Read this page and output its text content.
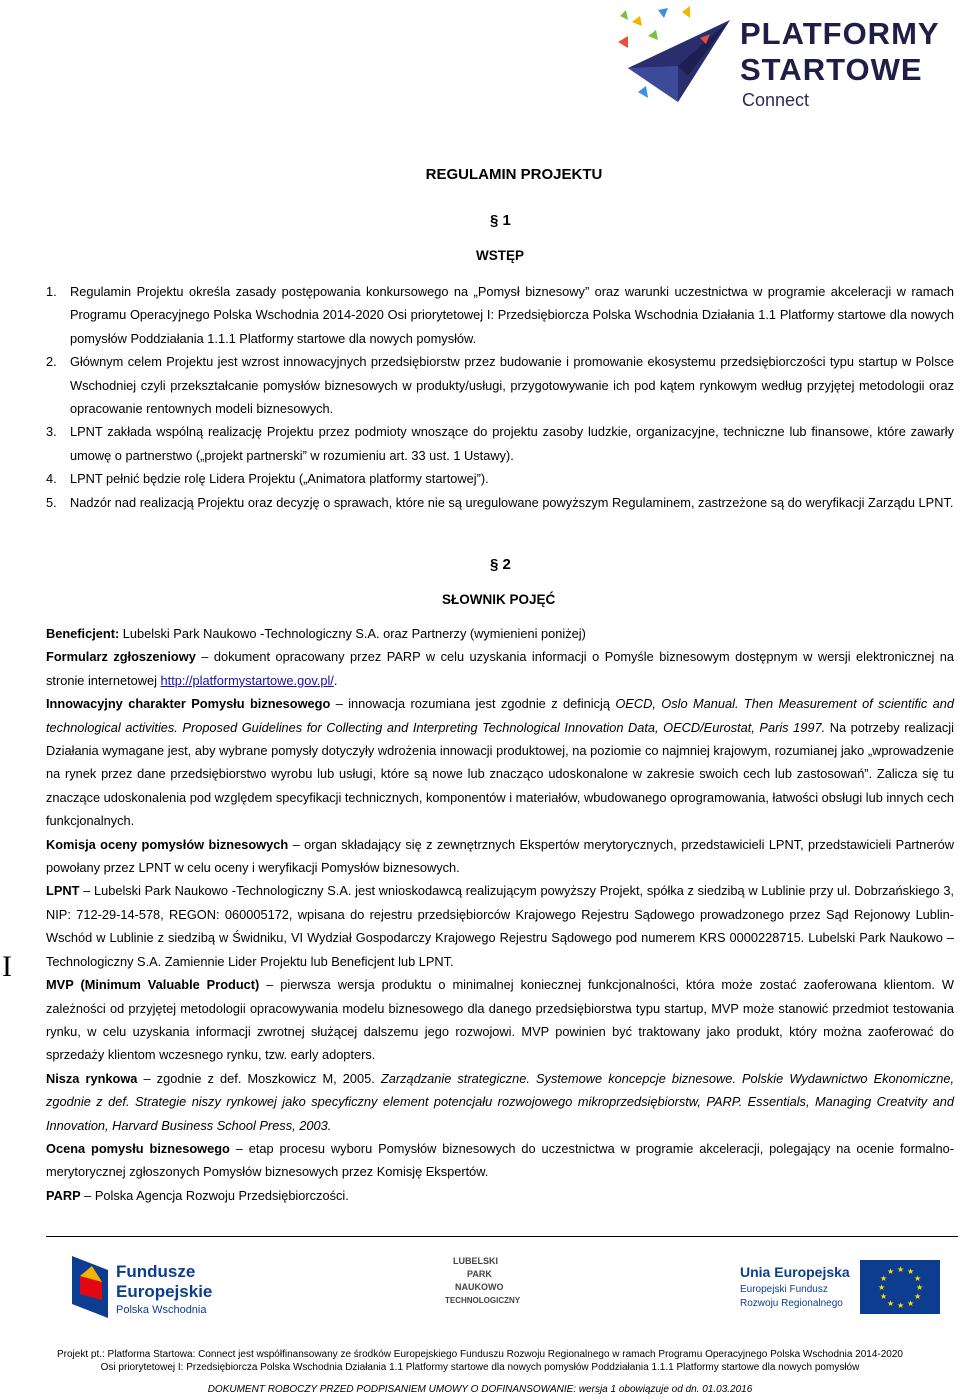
PLATFORMY
STARTOWE
Connect
REGULAMIN PROJEKTU
§ 1
WSTĘP
1. Regulamin Projektu określa zasady postępowania konkursowego na „Pomysł biznesowy” oraz warunki uczestnictwa w programie akceleracji w ramach Programu Operacyjnego Polska Wschodnia 2014-2020 Osi priorytetowej I: Przedsiębiorcza Polska Wschodnia Działania 1.1 Platformy startowe dla nowych pomysłów Poddziałania 1.1.1 Platformy startowe dla nowych pomysłów.
2. Głównym celem Projektu jest wzrost innowacyjnych przedsiębiorstw przez budowanie i promowanie ekosystemu przedsiębiorczości typu startup w Polsce Wschodniej czyli przekształcanie pomysłów biznesowych w produkty/usługi, przygotowywanie ich pod kątem rynkowym według przyjętej metodologii oraz opracowanie rentownych modeli biznesowych.
3. LPNT zakłada wspólną realizację Projektu przez podmioty wnoszące do projektu zasoby ludzkie, organizacyjne, techniczne lub finansowe, które zawarły umowę o partnerstwo („projekt partnerski” w rozumieniu art. 33 ust. 1 Ustawy).
4. LPNT pełnić będzie rolę Lidera Projektu („Animatora platformy startowej”).
5. Nadzór nad realizacją Projektu oraz decyzję o sprawach, które nie są uregulowane powyższym Regulaminem, zastrzeżone są do weryfikacji Zarządu LPNT.
§ 2
SŁOWNIK POJĘĆ

Beneficjent: Lubelski Park Naukowo -Technologiczny S.A. oraz Partnerzy (wymienieni poniżej)

Formularz zgłoszeniowy – dokument opracowany przez PARP w celu uzyskania informacji o Pomyśle biznesowym dostępnym w wersji elektronicznej na stronie internetowej http://platformystartowe.gov.pl/.

Innowacyjny charakter Pomysłu biznesowego – innowacja rozumiana jest zgodnie z definicją OECD, Oslo Manual. Then Measurement of scientific and technological activities. Proposed Guidelines for Collecting and Interpreting Technological Innovation Data, OECD/Eurostat, Paris 1997. Na potrzeby realizacji Działania wymagane jest, aby wybrane pomysły dotyczyły wdrożenia innowacji produktowej, na poziomie co najmniej krajowym, rozumianej jako „wprowadzenie na rynek przez dane przedsiębiorstwo wyrobu lub usługi, które są nowe lub znacząco udoskonalone w zakresie swoich cech lub zastosowań”. Zalicza się tu znaczące udoskonalenia pod względem specyfikacji technicznych, komponentów i materiałów, wbudowanego oprogramowania, łatwości obsługi lub innych cech funkcjonalnych.

Komisja oceny pomysłów biznesowych – organ składający się z zewnętrznych Ekspertów merytorycznych, przedstawicieli LPNT, przedstawicieli Partnerów powołany przez LPNT w celu oceny i weryfikacji Pomysłów biznesowych.

LPNT – Lubelski Park Naukowo -Technologiczny S.A. jest wnioskodawcą realizującym powyższy Projekt, spółka z siedzibą w Lublinie przy ul. Dobrzańskiego 3, NIP: 712-29-14-578, REGON: 060005172, wpisana do rejestru przedsiębiorców Krajowego Rejestru Sądowego prowadzonego przez Sąd Rejonowy Lublin-Wschód w Lublinie z siedzibą w Świdniku, VI Wydział Gospodarczy Krajowego Rejestru Sądowego pod numerem KRS 0000228715. Lubelski Park Naukowo – Technologiczny S.A. Zamiennie Lider Projektu lub Beneficjent lub LPNT.

MVP (Minimum Valuable Product) – pierwsza wersja produktu o minimalnej koniecznej funkcjonalności, która może zostać zaoferowana klientom. W zależności od przyjętej metodologii opracowywania modelu biznesowego dla danego przedsiębiorstwa typu startup, MVP może stanowić przedmiot testowania rynku, w celu uzyskania informacji zwrotnej służącej dalszemu jego rozwojowi. MVP powinien być traktowany jako produkt, który można zaoferować do sprzedaży klientom wczesnego rynku, tzw. early adopters.

Nisza rynkowa – zgodnie z def. Moszkowicz M, 2005. Zarządzanie strategiczne. Systemowe koncepcje biznesowe. Polskie Wydawnictwo Ekonomiczne, zgodnie z def. Strategie niszy rynkowej jako specyficzny element potencjału rozwojowego mikroprzedsiębiorstw, PARP. Essentials, Managing Creatvity and Innovation, Harvard Business School Press, 2003.

Ocena pomysłu biznesowego – etap procesu wyboru Pomysłów biznesowych do uczestnictwa w programie akceleracji, polegający na ocenie formalno-merytorycznej zgłoszonych Pomysłów biznesowych przez Komisję Ekspertów.

PARP – Polska Agencja Rozwoju Przedsiębiorczości.

I
Fundusze
Europejskie
Polska Wschodnia
LUBELSKI
PARK
NAUKOWO
TECHNOLOGICZNY
Unia Europejska
Europejski Fundusz
Rozwoju Regionalnego
★ ★
★
★
★
★
★
★
★
★
★
★
Projekt pt.: Platforma Startowa: Connect jest współfinansowany ze środków Europejskiego Funduszu Rozwoju Regionalnego w ramach Programu Operacyjnego Polska Wschodnia 2014-2020
Osi priorytetowej I: Przedsiębiorcza Polska Wschodnia Działania 1.1 Platformy startowe dla nowych pomysłów Poddziałania 1.1.1 Platformy startowe dla nowych pomysłów
DOKUMENT ROBOCZY PRZED PODPISANIEM UMOWY O DOFINANSOWANIE: wersja 1 obowiązuje od dn. 01.03.2016
